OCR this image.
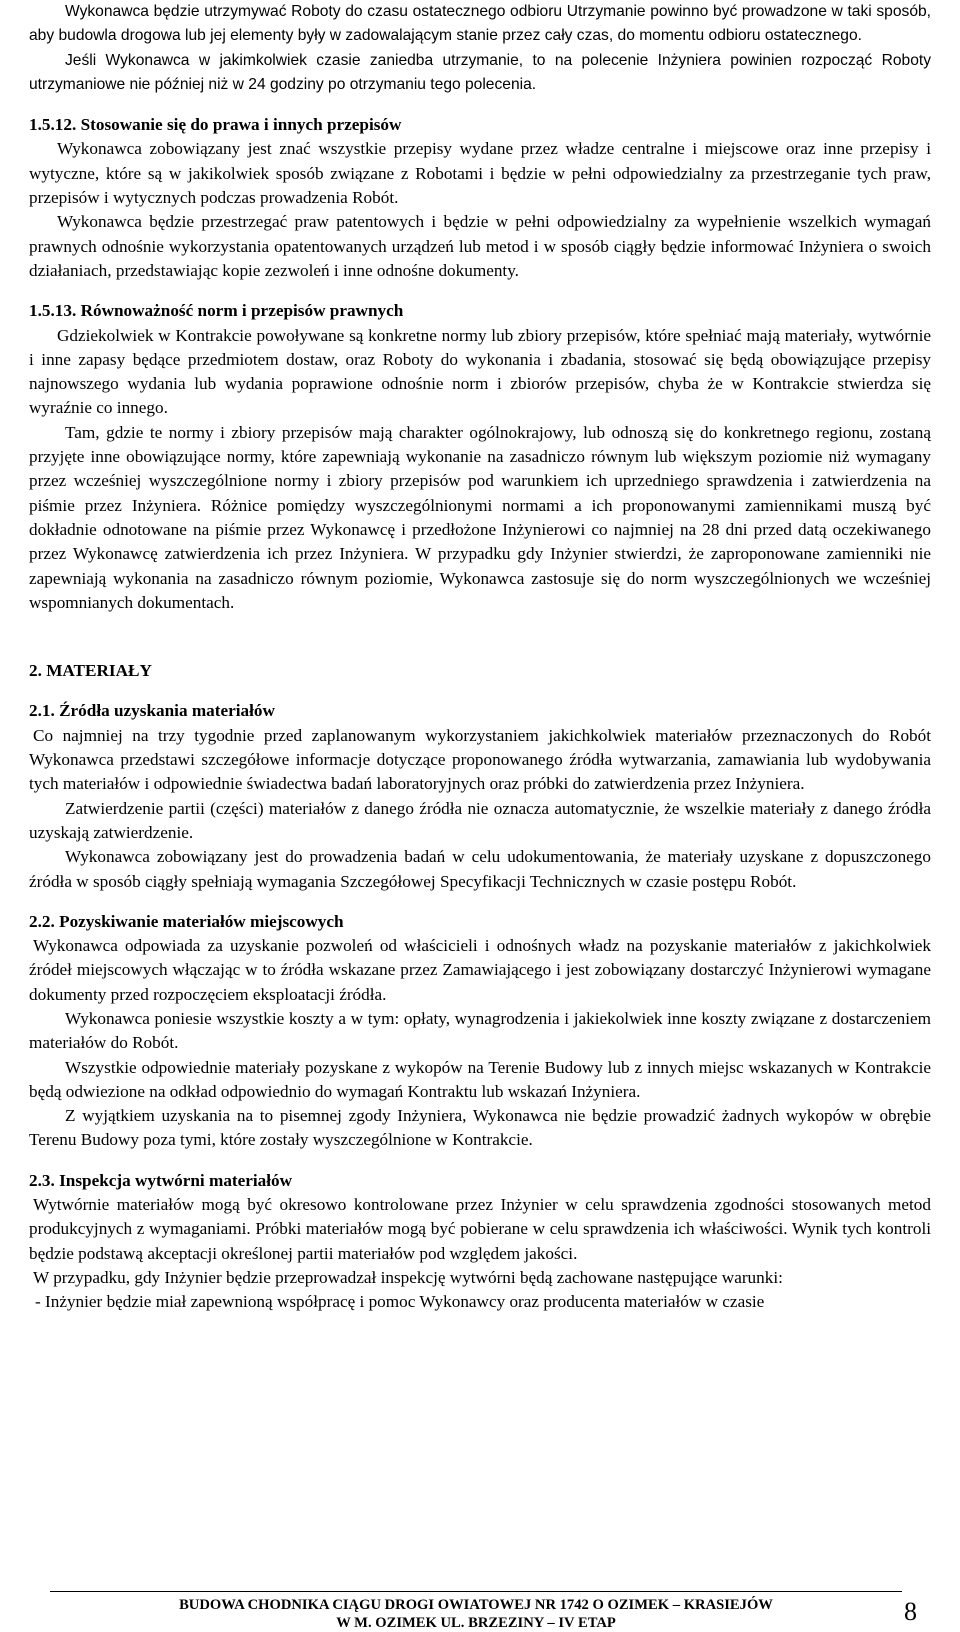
Wykonawca będzie utrzymywać Roboty do czasu ostatecznego odbioru Utrzymanie powinno być prowadzone w taki sposób, aby budowla drogowa lub jej elementy były w zadowalającym stanie przez cały czas, do momentu odbioru ostatecznego.

Jeśli Wykonawca w jakimkolwiek czasie zaniedba utrzymanie, to na polecenie Inżyniera powinien rozpocząć Roboty utrzymaniowe nie później niż w 24 godziny po otrzymaniu tego polecenia.

1.5.12. Stosowanie się do prawa i innych przepisów

Wykonawca zobowiązany jest znać wszystkie przepisy wydane przez władze centralne i miejscowe oraz inne przepisy i wytyczne, które są w jakikolwiek sposób związane z Robotami i będzie w pełni odpowiedzialny za przestrzeganie tych praw, przepisów i wytycznych podczas prowadzenia Robót.

Wykonawca będzie przestrzegać praw patentowych i będzie w pełni odpowiedzialny za wypełnienie wszelkich wymagań prawnych odnośnie wykorzystania opatentowanych urządzeń lub metod i w sposób ciągły będzie informować Inżyniera o swoich działaniach, przedstawiając kopie zezwoleń i inne odnośne dokumenty.

1.5.13. Równoważność norm i przepisów prawnych

Gdziekolwiek w Kontrakcie powoływane są konkretne normy lub zbiory przepisów, które spełniać mają materiały, wytwórnie i inne zapasy będące przedmiotem dostaw, oraz Roboty do wykonania i zbadania, stosować się będą obowiązujące przepisy najnowszego wydania lub wydania poprawione odnośnie norm i zbiorów przepisów, chyba że w Kontrakcie stwierdza się wyraźnie co innego.

Tam, gdzie te normy i zbiory przepisów mają charakter ogólnokrajowy, lub odnoszą się do konkretnego regionu, zostaną przyjęte inne obowiązujące normy, które zapewniają wykonanie na zasadniczo równym lub większym poziomie niż wymagany przez wcześniej wyszczególnione normy i zbiory przepisów pod warunkiem ich uprzedniego sprawdzenia i zatwierdzenia na piśmie przez Inżyniera. Różnice pomiędzy wyszczególnionymi normami a ich proponowanymi zamiennikami muszą być dokładnie odnotowane na piśmie przez Wykonawcę i przedłożone Inżynierowi co najmniej na 28 dni przed datą oczekiwanego przez Wykonawcę zatwierdzenia ich przez Inżyniera. W przypadku gdy Inżynier stwierdzi, że zaproponowane zamienniki nie zapewniają wykonania na zasadniczo równym poziomie, Wykonawca zastosuje się do norm wyszczególnionych we wcześniej wspomnianych dokumentach.

2. MATERIAŁY
2.1. Źródła uzyskania materiałów

Co najmniej na trzy tygodnie przed zaplanowanym wykorzystaniem jakichkolwiek materiałów przeznaczonych do Robót Wykonawca przedstawi szczegółowe informacje dotyczące proponowanego źródła wytwarzania, zamawiania lub wydobywania tych materiałów i odpowiednie świadectwa badań laboratoryjnych oraz próbki do zatwierdzenia przez Inżyniera.

Zatwierdzenie partii (części) materiałów z danego źródła nie oznacza automatycznie, że wszelkie materiały z danego źródła uzyskają zatwierdzenie.

Wykonawca zobowiązany jest do prowadzenia badań w celu udokumentowania, że materiały uzyskane z dopuszczonego źródła w sposób ciągły spełniają wymagania Szczegółowej Specyfikacji Technicznych w czasie postępu Robót.

2.2. Pozyskiwanie materiałów miejscowych

Wykonawca odpowiada za uzyskanie pozwoleń od właścicieli i odnośnych władz na pozyskanie materiałów z jakichkolwiek źródeł miejscowych włączając w to źródła wskazane przez Zamawiającego i jest zobowiązany dostarczyć Inżynierowi wymagane dokumenty przed rozpoczęciem eksploatacji źródła.

Wykonawca poniesie wszystkie koszty a w tym: opłaty, wynagrodzenia i jakiekolwiek inne koszty związane z dostarczeniem materiałów do Robót.

Wszystkie odpowiednie materiały pozyskane z wykopów na Terenie Budowy lub z innych miejsc wskazanych w Kontrakcie będą odwiezione na odkład odpowiednio do wymagań Kontraktu lub wskazań Inżyniera.

Z wyjątkiem uzyskania na to pisemnej zgody Inżyniera, Wykonawca nie będzie prowadzić żadnych wykopów w obrębie Terenu Budowy poza tymi, które zostały wyszczególnione w Kontrakcie.

2.3. Inspekcja wytwórni materiałów

Wytwórnie materiałów mogą być okresowo kontrolowane przez Inżynier w celu sprawdzenia zgodności stosowanych metod produkcyjnych z wymaganiami. Próbki materiałów mogą być pobierane w celu sprawdzenia ich właściwości. Wynik tych kontroli będzie podstawą akceptacji określonej partii materiałów pod względem jakości.

W przypadku, gdy Inżynier będzie przeprowadzał inspekcję wytwórni będą zachowane następujące warunki:

- Inżynier będzie miał zapewnioną współpracę i pomoc Wykonawcy oraz producenta materiałów w czasie

BUDOWA CHODNIKA CIĄGU DROGI OWIATOWEJ NR 1742 O OZIMEK – KRASIEJÓW
W M. OZIMEK UL. BRZEZINY – IV ETAP	8
